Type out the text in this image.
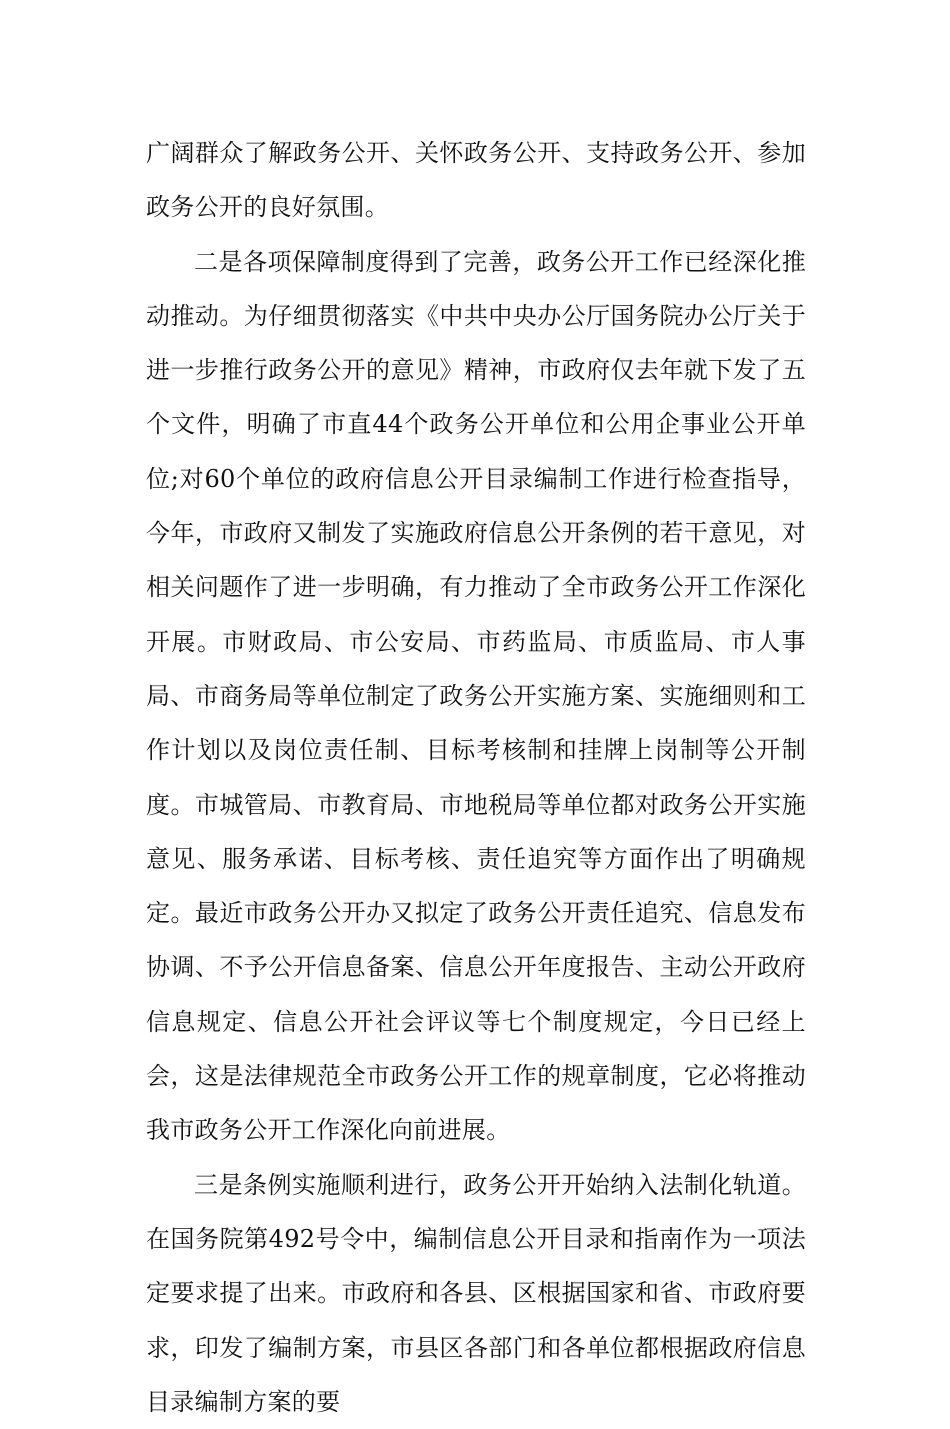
广阔群众了解政务公开、关怀政务公开、支持政务公开、参加政务公开的良好氛围。

二是各项保障制度得到了完善，政务公开工作已经深化推动推动。为仔细贯彻落实《中共中央办公厅国务院办公厅关于进一步推行政务公开的意见》精神，市政府仅去年就下发了五个文件，明确了市直44个政务公开单位和公用企事业公开单位;对60个单位的政府信息公开目录编制工作进行检查指导，今年，市政府又制发了实施政府信息公开条例的若干意见，对相关问题作了进一步明确，有力推动了全市政务公开工作深化开展。市财政局、市公安局、市药监局、市质监局、市人事局、市商务局等单位制定了政务公开实施方案、实施细则和工作计划以及岗位责任制、目标考核制和挂牌上岗制等公开制度。市城管局、市教育局、市地税局等单位都对政务公开实施意见、服务承诺、目标考核、责任追究等方面作出了明确规定。最近市政务公开办又拟定了政务公开责任追究、信息发布协调、不予公开信息备案、信息公开年度报告、主动公开政府信息规定、信息公开社会评议等七个制度规定，今日已经上会，这是法律规范全市政务公开工作的规章制度，它必将推动我市政务公开工作深化向前进展。

三是条例实施顺利进行，政务公开开始纳入法制化轨道。在国务院第492号令中，编制信息公开目录和指南作为一项法定要求提了出来。市政府和各县、区根据国家和省、市政府要求，印发了编制方案，市县区各部门和各单位都根据政府信息目录编制方案的要
